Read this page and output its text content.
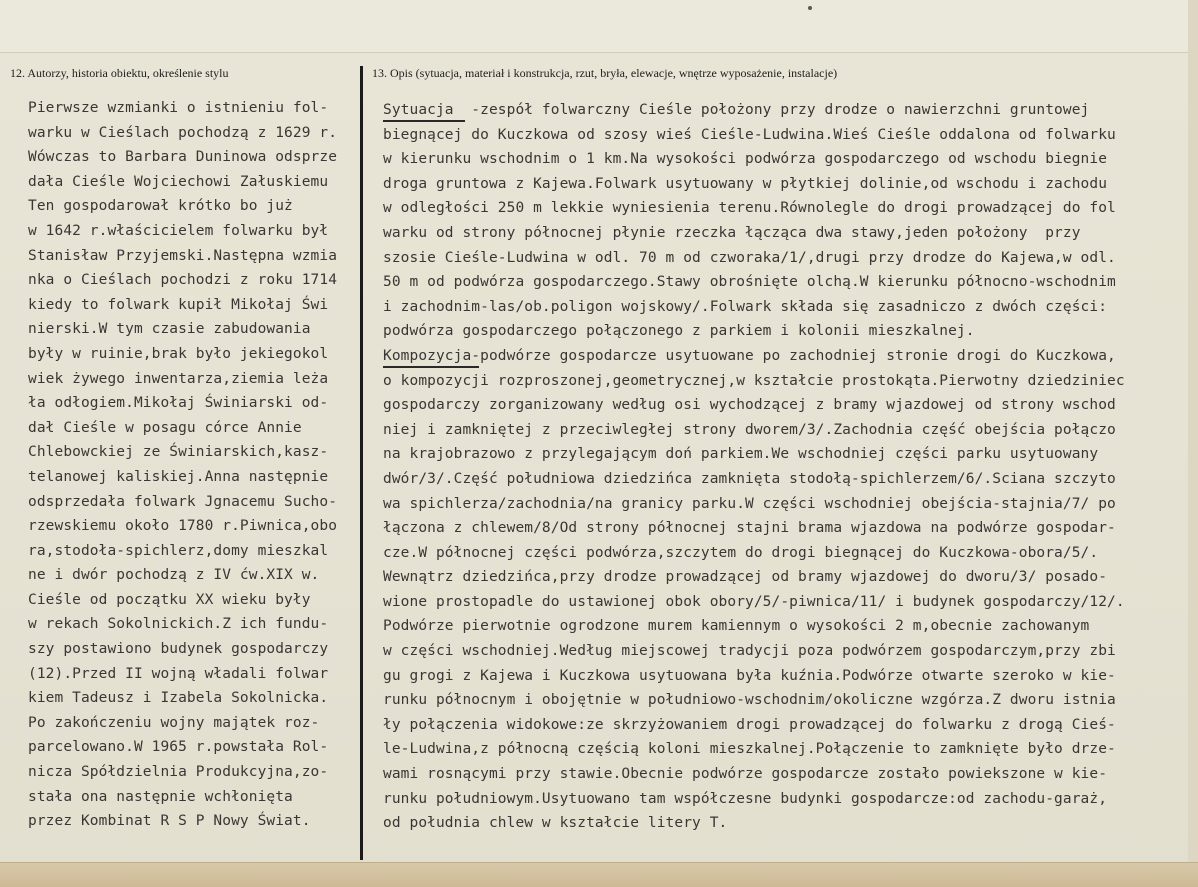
12. Autorzy, historia obiektu, określenie stylu	13. Opis (sytuacja, materiał i konstrukcja, rzut, bryła, elewacje, wnętrze wyposażenie, instalacje)
Pierwsze wzmianki o istnieniu fol-
warku w Cieślach pochodzą z 1629 r.
Wówczas to Barbara Duninowa odsprze
dała Cieśle Wojciechowi Załuskiemu
Ten gospodarował krótko bo już
w 1642 r.właścicielem folwarku był
Stanisław Przyjemski.Następna wzmia
nka o Cieślach pochodzi z roku 1714
kiedy to folwark kupił Mikołaj Świ
nierski.W tym czasie zabudowania
były w ruinie,brak było jekiegokol
wiek żywego inwentarza,ziemia leża
ła odłogiem.Mikołaj Świniarski od-
dał Cieśle w posagu córce Annie
Chlebowckiej ze Świniarskich,kasz-
telanowej kaliskiej.Anna następnie
odsprzedała folwark Jgnacemu Sucho-
rzewskiemu około 1780 r.Piwnica,obo
ra,stodoła-spichlerz,domy mieszkal
ne i dwór pochodzą z IV ćw.XIX w.
Cieśle od początku XX wieku były
w rekach Sokolnickich.Z ich fundu-
szy postawiono budynek gospodarczy
(12).Przed II wojną władali folwar
kiem Tadeusz i Izabela Sokolnicka.
Po zakończeniu wojny majątek roz-
parcelowano.W 1965 r.powstała Rol-
nicza Spółdzielnia Produkcyjna,zo-
stała ona następnie wchłonięta
przez Kombinat R S P Nowy Świat.
Sytuacja  -zespół folwarczny Cieśle położony przy drodze o nawierzchni gruntowej
biegnącej do Kuczkowa od szosy wieś Cieśle-Ludwina.Wieś Cieśle oddalona od folwarku
w kierunku wschodnim o 1 km.Na wysokości podwórza gospodarczego od wschodu biegnie
droga gruntowa z Kajewa.Folwark usytuowany w płytkiej dolinie,od wschodu i zachodu
w odległości 250 m lekkie wyniesienia terenu.Równolegle do drogi prowadzącej do fol
warku od strony północnej płynie rzeczka łącząca dwa stawy,jeden położony  przy
szosie Cieśle-Ludwina w odl. 70 m od czworaka/1/,drugi przy drodze do Kajewa,w odl.
50 m od podwórza gospodarczego.Stawy obrośnięte olchą.W kierunku północno-wschodnim
i zachodnim-las/ob.poligon wojskowy/.Folwark składa się zasadniczo z dwóch części:
podwórza gospodarczego połączonego z parkiem i kolonii mieszkalnej.
Kompozycja-podwórze gospodarcze usytuowane po zachodniej stronie drogi do Kuczkowa,
o kompozycji rozproszonej,geometrycznej,w kształcie prostokąta.Pierwotny dziedziniec
gospodarczy zorganizowany według osi wychodzącej z bramy wjazdowej od strony wschod
niej i zamkniętej z przeciwległej strony dworem/3/.Zachodnia część obejścia połączo
na krajobrazowo z przylegającym doń parkiem.We wschodniej części parku usytuowany
dwór/3/.Część południowa dziedzińca zamknięta stodołą-spichlerzem/6/.Sciana szczyto
wa spichlerza/zachodnia/na granicy parku.W części wschodniej obejścia-stajnia/7/ po
łączona z chlewem/8/Od strony północnej stajni brama wjazdowa na podwórze gospodar-
cze.W północnej części podwórza,szczytem do drogi biegnącej do Kuczkowa-obora/5/.
Wewnątrz dziedzińca,przy drodze prowadzącej od bramy wjazdowej do dworu/3/ posado-
wione prostopadle do ustawionej obok obory/5/-piwnica/11/ i budynek gospodarczy/12/.
Podwórze pierwotnie ogrodzone murem kamiennym o wysokości 2 m,obecnie zachowanym
w części wschodniej.Według miejscowej tradycji poza podwórzem gospodarczym,przy zbi
gu grogi z Kajewa i Kuczkowa usytuowana była kuźnia.Podwórze otwarte szeroko w kie-
runku północnym i obojętnie w południowo-wschodnim/okoliczne wzgórza.Z dworu istnia
ły połączenia widokowe:ze skrzyżowaniem drogi prowadzącej do folwarku z drogą Cieś-
le-Ludwina,z północną częścią koloni mieszkalnej.Połączenie to zamknięte było drze-
wami rosnącymi przy stawie.Obecnie podwórze gospodarcze zostało powiekszone w kie-
runku południowym.Usytuowano tam współczesne budynki gospodarcze:od zachodu-garaż,
od południa chlew w kształcie litery T.
